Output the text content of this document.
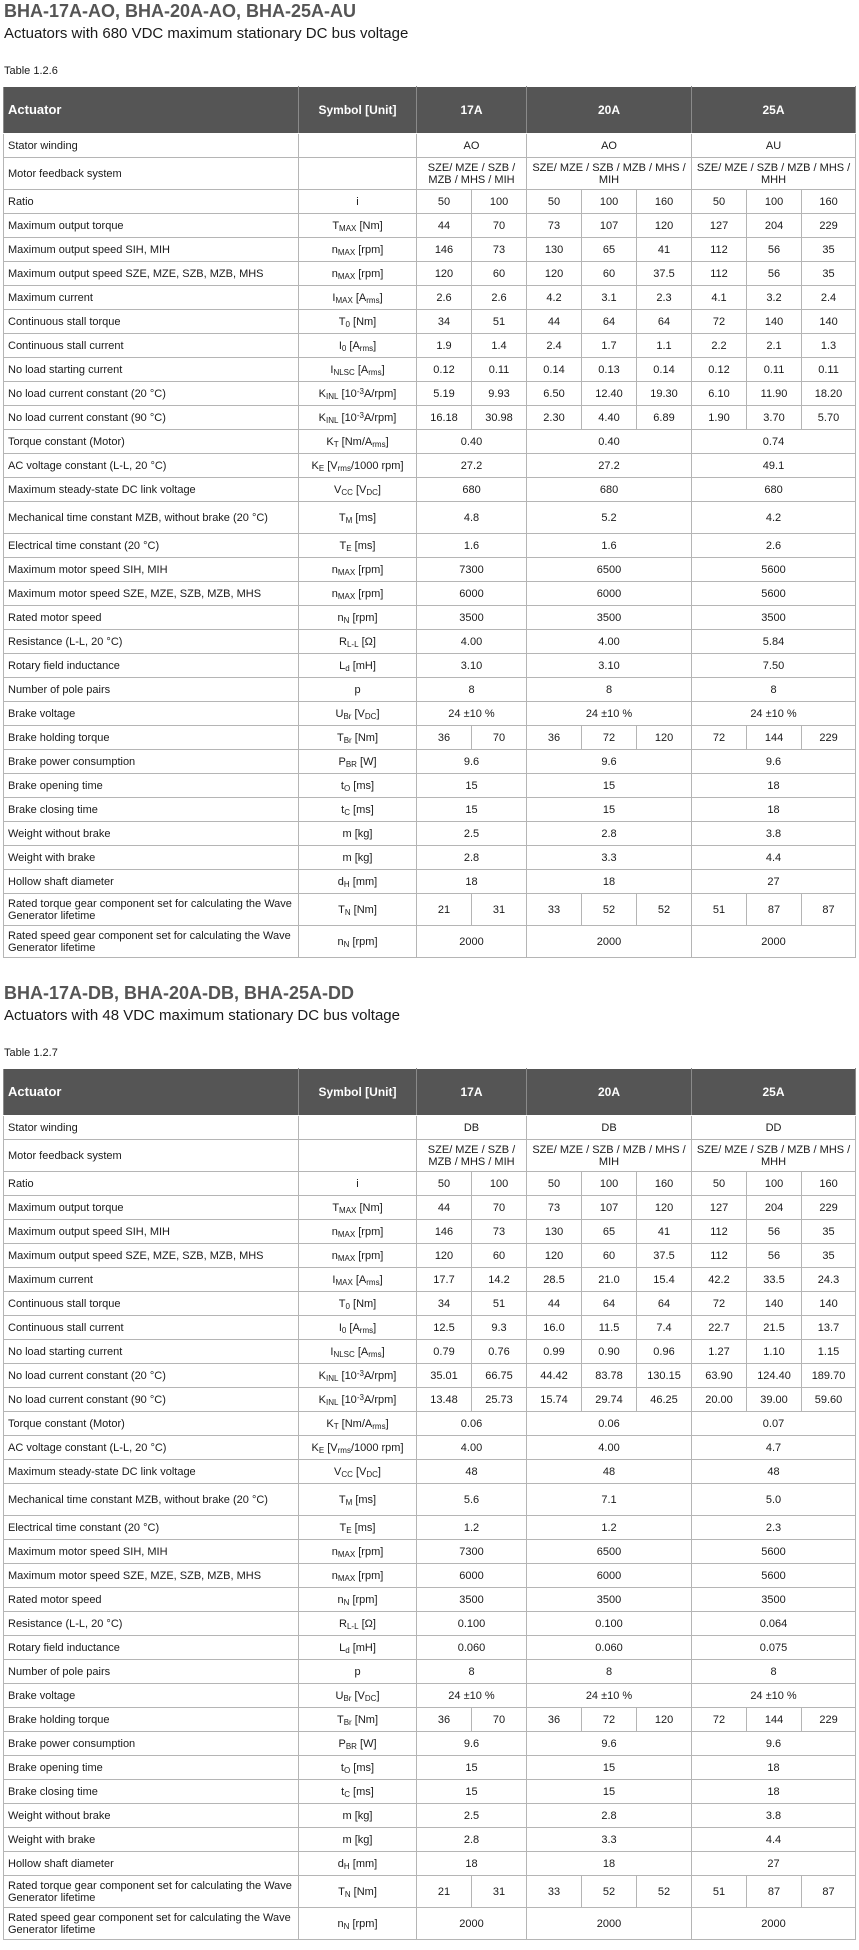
BHA-17A-AO, BHA-20A-AO, BHA-25A-AU
Actuators with 680 VDC maximum stationary DC bus voltage
Table 1.2.6
Actuator	Symbol [Unit]	17A		20A			25A		
Stator winding		AO		AO			AU		
Motor feedback system		SZE/ MZE / SZB / MZB / MHS / MIH		SZE/ MZE / SZB / MZB / MHS / MIH			SZE/ MZE / SZB / MZB / MHS / MHH		
Ratio	i	50	100	50	100	160	50	100	160
Maximum output torque	$T_{MAX}$ [Nm]	44	70	73	107	120	127	204	229
Maximum output speed SIH, MIH	$n_{MAX}$ [rpm]	146	73	130	65	41	112	56	35
Maximum output speed SZE, MZE, SZB, MZB, MHS	$n_{MAX}$ [rpm]	120	60	120	60	37.5	112	56	35
Maximum current	$I_{MAX}$ $[A_{rms}]$	2.6	2.6	4.2	3.1	2.3	4.1	3.2	2.4
Continuous stall torque	$T_0$ [Nm]	34	51	44	64	64	72	140	140
Continuous stall current	$I_0$ $[A_{rms}]$	1.9	1.4	2.4	1.7	1.1	2.2	2.1	1.3
No load starting current	$I_{NLSC}$ $[A_{rms}]$	0.12	0.11	0.14	0.13	0.14	0.12	0.11	0.11
No load current constant (20 °C)	$K_{INL}$ $[10^{-3}A/rpm]$	5.19	9.93	6.50	12.40	19.30	6.10	11.90	18.20
No load current constant (90 °C)	$K_{INL}$ $[10^{-3}A/rpm]$	16.18	30.98	2.30	4.40	6.89	1.90	3.70	5.70
Torque constant (Motor)	$K_T$ $[Nm/A_{rms}]$	0.40		0.40			0.74		
AC voltage constant (L-L, 20 °C)	$K_E$ [$V_{rms}/1000$ rpm]	27.2		27.2			49.1		
Maximum steady-state DC link voltage	$V_{CC}$ $[V_{DC}]$	680		680			680		
Mechanical time constant MZB, without brake (20 °C)	$T_M$ [ms]	4.8		5.2			4.2		
Electrical time constant (20 °C)	$T_E$ [ms]	1.6		1.6			2.6		
Maximum motor speed SIH, MIH	$n_{MAX}$ [rpm]	7300		6500			5600		
Maximum motor speed SZE, MZE, SZB, MZB, MHS	$n_{MAX}$ [rpm]	6000		6000			5600		
Rated motor speed	$n_N$ [rpm]	3500		3500			3500		
Resistance (L-L, 20 °C)	$R_{L-L}$ [Ω]	4.00		4.00			5.84		
Rotary field inductance	$L_d$ [mH]	3.10		3.10			7.50		
Number of pole pairs	p	8		8			8		
Brake voltage	$U_{Br}$ $[V_{DC}]$	24 ±10 %		24 ±10 %			24 ±10 %		
Brake holding torque	$T_{Br}$ [Nm]	36	70	36	72	120	72	144	229
Brake power consumption	$P_{BR}$ [W]	9.6		9.6			9.6		
Brake opening time	$t_O$ [ms]	15		15			18		
Brake closing time	$t_C$ [ms]	15		15			18		
Weight without brake	m [kg]	2.5		2.8			3.8		
Weight with brake	m [kg]	2.8		3.3			4.4		
Hollow shaft diameter	$d_H$ [mm]	18		18			27		
Rated torque gear component set for calculating the Wave Generator lifetime	$T_N$ [Nm]	21	31	33	52	52	51	87	87
Rated speed gear component set for calculating the Wave Generator lifetime	$n_N$ [rpm]	2000		2000			2000		
BHA-17A-DB, BHA-20A-DB, BHA-25A-DD
Actuators with 48 VDC maximum stationary DC bus voltage
Table 1.2.7
Actuator	Symbol [Unit]	17A		20A			25A		
Stator winding		DB		DB			DD		
Motor feedback system		SZE/ MZE / SZB / MZB / MHS / MIH		SZE/ MZE / SZB / MZB / MHS / MIH			SZE/ MZE / SZB / MZB / MHS / MHH		
Ratio	i	50	100	50	100	160	50	100	160
Maximum output torque	$T_{MAX}$ [Nm]	44	70	73	107	120	127	204	229
Maximum output speed SIH, MIH	$n_{MAX}$ [rpm]	146	73	130	65	41	112	56	35
Maximum output speed SZE, MZE, SZB, MZB, MHS	$n_{MAX}$ [rpm]	120	60	120	60	37.5	112	56	35
Maximum current	$I_{MAX}$ $[A_{rms}]$	17.7	14.2	28.5	21.0	15.4	42.2	33.5	24.3
Continuous stall torque	$T_0$ [Nm]	34	51	44	64	64	72	140	140
Continuous stall current	$I_0$ $[A_{rms}]$	12.5	9.3	16.0	11.5	7.4	22.7	21.5	13.7
No load starting current	$I_{NLSC}$ $[A_{rms}]$	0.79	0.76	0.99	0.90	0.96	1.27	1.10	1.15
No load current constant (20 °C)	$K_{INL}$ $[10^{-3}A/rpm]$	35.01	66.75	44.42	83.78	130.15	63.90	124.40	189.70
No load current constant (90 °C)	$K_{INL}$ $[10^{-3}A/rpm]$	13.48	25.73	15.74	29.74	46.25	20.00	39.00	59.60
Torque constant (Motor)	$K_T$ $[Nm/A_{rms}]$	0.06		0.06			0.07		
AC voltage constant (L-L, 20 °C)	$K_E$ [$V_{rms}/1000$ rpm]	4.00		4.00			4.7		
Maximum steady-state DC link voltage	$V_{CC}$ $[V_{DC}]$	48		48			48		
Mechanical time constant MZB, without brake (20 °C)	$T_M$ [ms]	5.6		7.1			5.0		
Electrical time constant (20 °C)	$T_E$ [ms]	1.2		1.2			2.3		
Maximum motor speed SIH, MIH	$n_{MAX}$ [rpm]	7300		6500			5600		
Maximum motor speed SZE, MZE, SZB, MZB, MHS	$n_{MAX}$ [rpm]	6000		6000			5600		
Rated motor speed	$n_N$ [rpm]	3500		3500			3500		
Resistance (L-L, 20 °C)	$R_{L-L}$ [Ω]	0.100		0.100			0.064		
Rotary field inductance	$L_d$ [mH]	0.060		0.060			0.075		
Number of pole pairs	p	8		8			8		
Brake voltage	$U_{Br}$ $[V_{DC}]$	24 ±10 %		24 ±10 %			24 ±10 %		
Brake holding torque	$T_{Br}$ [Nm]	36	70	36	72	120	72	144	229
Brake power consumption	$P_{BR}$ [W]	9.6		9.6			9.6		
Brake opening time	$t_O$ [ms]	15		15			18		
Brake closing time	$t_C$ [ms]	15		15			18		
Weight without brake	m [kg]	2.5		2.8			3.8		
Weight with brake	m [kg]	2.8		3.3			4.4		
Hollow shaft diameter	$d_H$ [mm]	18		18			27		
Rated torque gear component set for calculating the Wave Generator lifetime	$T_N$ [Nm]	21	31	33	52	52	51	87	87
Rated speed gear component set for calculating the Wave Generator lifetime	$n_N$ [rpm]	2000		2000			2000		
